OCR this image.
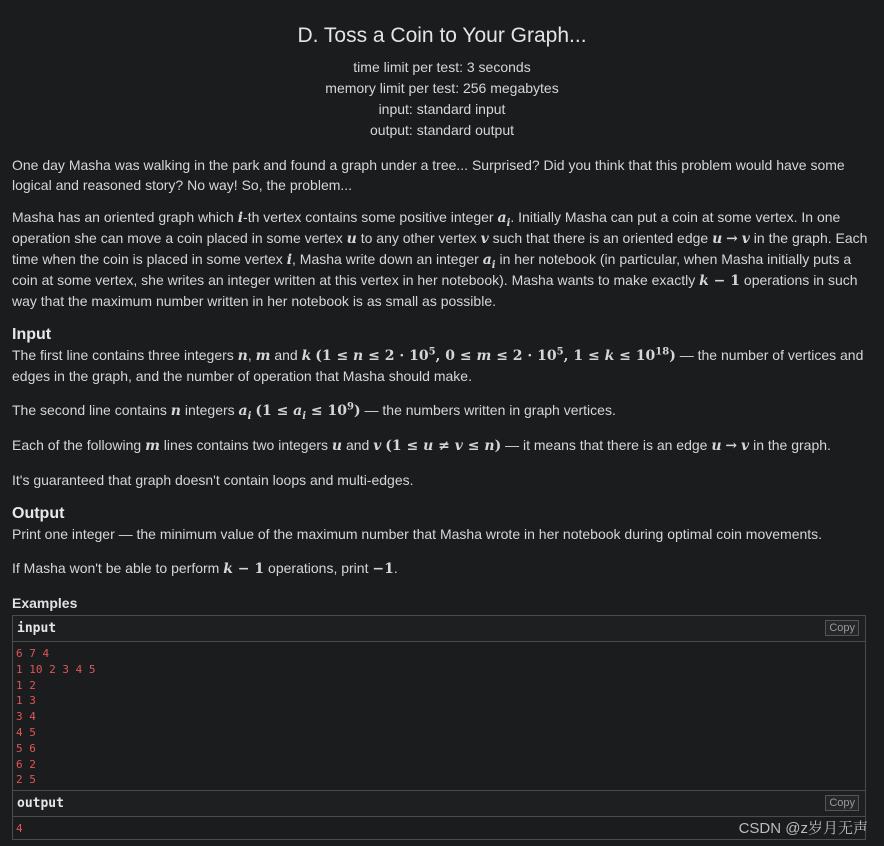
D. Toss a Coin to Your Graph...
time limit per test: 3 seconds
memory limit per test: 256 megabytes
input: standard input
output: standard output

One day Masha was walking in the park and found a graph under a tree... Surprised? Did you think that this problem would have some logical and reasoned story? No way! So, the problem...

Masha has an oriented graph which i-th vertex contains some positive integer $a_i$. Initially Masha can put a coin at some vertex. In one operation she can move a coin placed in some vertex u to any other vertex v such that there is an oriented edge u → v in the graph. Each time when the coin is placed in some vertex i, Masha write down an integer $a_i$ in her notebook (in particular, when Masha initially puts a coin at some vertex, she writes an integer written at this vertex in her notebook). Masha wants to make exactly k − 1 operations in such way that the maximum number written in her notebook is as small as possible.

Input

The first line contains three integers n, m and k ($1 \le n \le 2 \cdot 10^5$, $0 \le m \le 2 \cdot 10^5$, $1 \le k \le 10^{18}$) — the number of vertices and edges in the graph, and the number of operation that Masha should make.

The second line contains n integers $a_i$ $(1 \le a_i \le 10^9)$ — the numbers written in graph vertices.

Each of the following m lines contains two integers u and v (1 ≤ u ≠ v ≤ n) — it means that there is an edge u → v in the graph.

It's guaranteed that graph doesn't contain loops and multi-edges.

Output

Print one integer — the minimum value of the maximum number that Masha wrote in her notebook during optimal coin movements.

If Masha won't be able to perform k − 1 operations, print −1.

Examples
input	Copy
6 7 4
1 10 2 3 4 5
1 2
1 3
3 4
4 5
5 6
6 2
2 5
output	Copy
4	CSDN @z岁月无声
